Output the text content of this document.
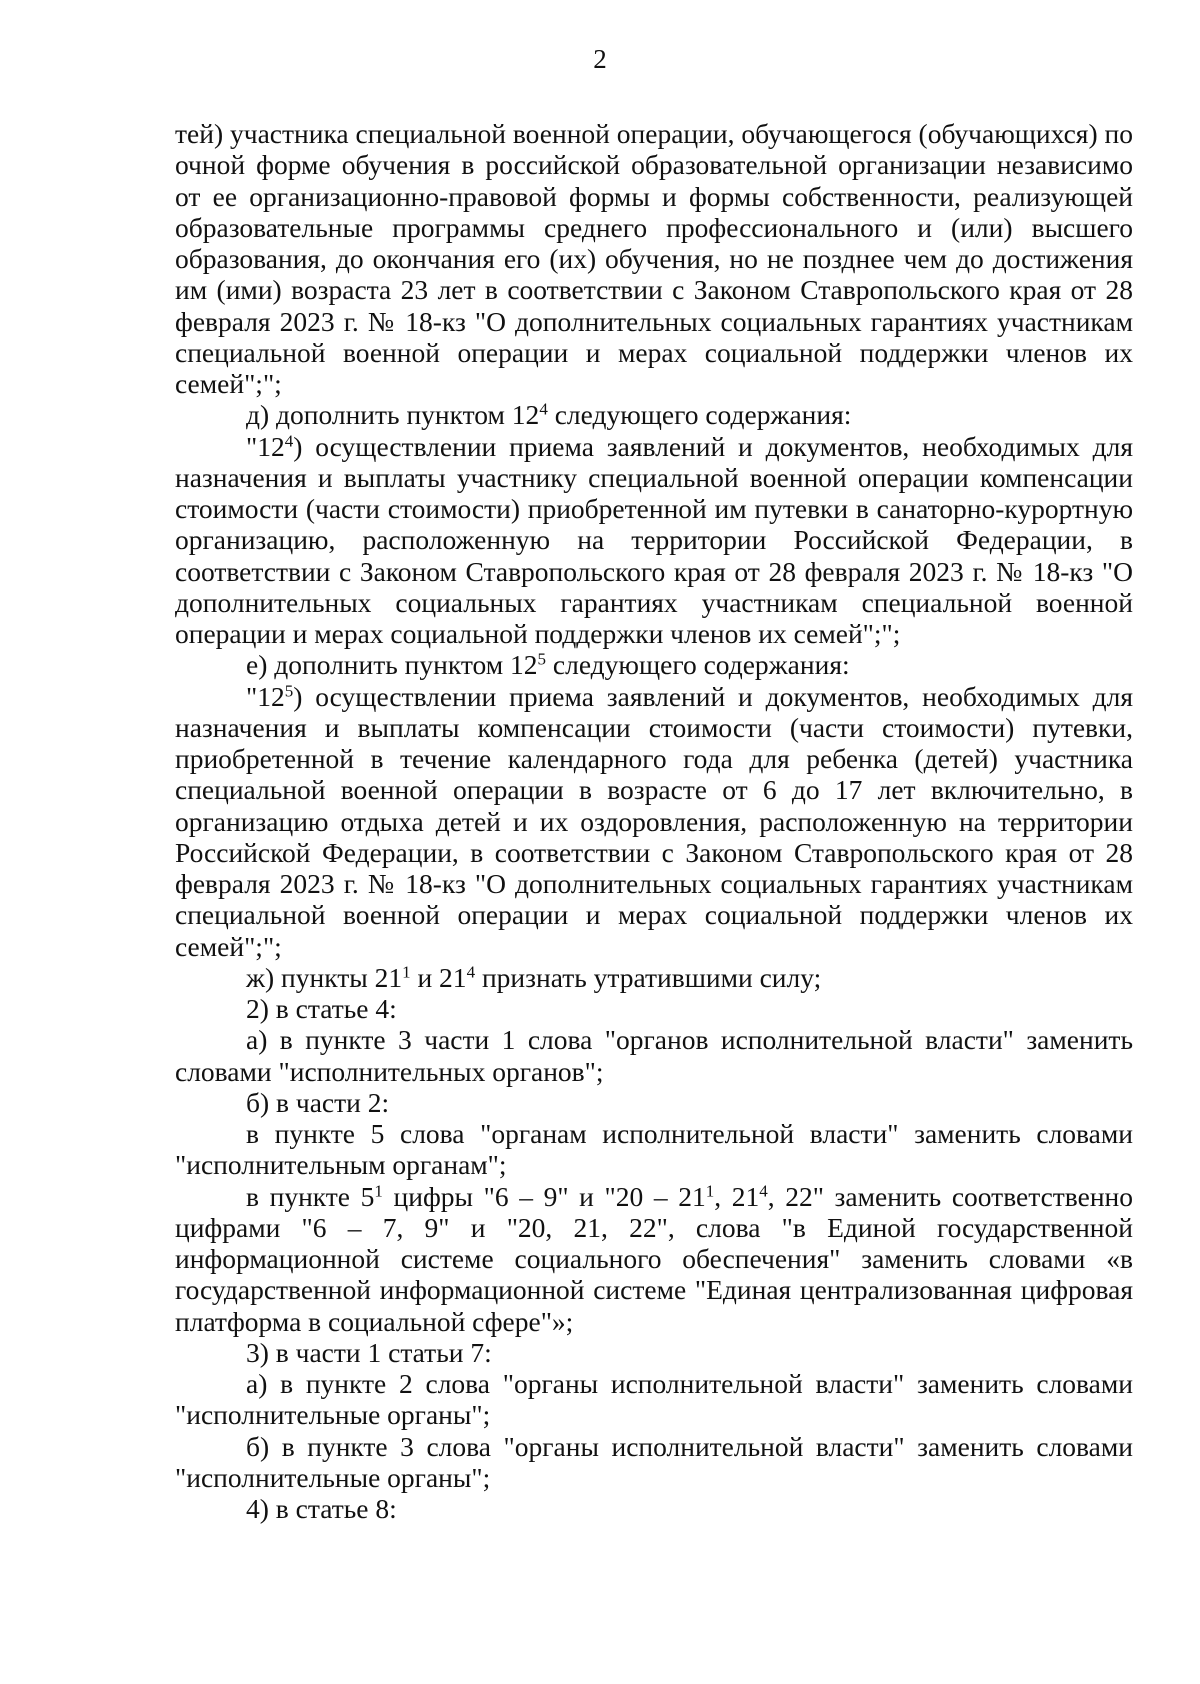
2

тей) участника специальной военной операции, обучающегося (обучающихся) по очной форме обучения в российской образовательной организации независимо от ее организационно-правовой формы и формы собственности, реализующей образовательные программы среднего профессионального и (или) высшего образования, до окончания его (их) обучения, но не позднее чем до достижения им (ими) возраста 23 лет в соответствии с Законом Ставропольского края от 28 февраля 2023 г. № 18-кз "О дополнительных социальных гарантиях участникам специальной военной операции и мерах социальной поддержки членов их семей";";

д) дополнить пунктом $12^4$ следующего содержания:

"$12^4$) осуществлении приема заявлений и документов, необходимых для назначения и выплаты участнику специальной военной операции компенсации стоимости (части стоимости) приобретенной им путевки в санаторно-курортную организацию, расположенную на территории Российской Федерации, в соответствии с Законом Ставропольского края от 28 февраля 2023 г. № 18-кз "О дополнительных социальных гарантиях участникам специальной военной операции и мерах социальной поддержки членов их семей";";

е) дополнить пунктом $12^5$ следующего содержания:

"$12^5$) осуществлении приема заявлений и документов, необходимых для назначения и выплаты компенсации стоимости (части стоимости) путевки, приобретенной в течение календарного года для ребенка (детей) участника специальной военной операции в возрасте от 6 до 17 лет включительно, в организацию отдыха детей и их оздоровления, расположенную на территории Российской Федерации, в соответствии с Законом Ставропольского края от 28 февраля 2023 г. № 18-кз "О дополнительных социальных гарантиях участникам специальной военной операции и мерах социальной поддержки членов их семей";";

ж) пункты $21^1$ и $21^4$ признать утратившими силу;

2) в статье 4:

а) в пункте 3 части 1 слова "органов исполнительной власти" заменить словами "исполнительных органов";

б) в части 2:

в пункте 5 слова "органам исполнительной власти" заменить словами "исполнительным органам";

в пункте $5^1$ цифры "6 – 9" и "$20 - 21^1$, $21^4$, 22" заменить соответственно цифрами "6 – 7, 9" и "20, 21, 22", слова "в Единой государственной информационной системе социального обеспечения" заменить словами «в государственной информационной системе "Единая централизованная цифровая платформа в социальной сфере"»;

3) в части 1 статьи 7:

а) в пункте 2 слова "органы исполнительной власти" заменить словами "исполнительные органы";

б) в пункте 3 слова "органы исполнительной власти" заменить словами "исполнительные органы";

4) в статье 8:
